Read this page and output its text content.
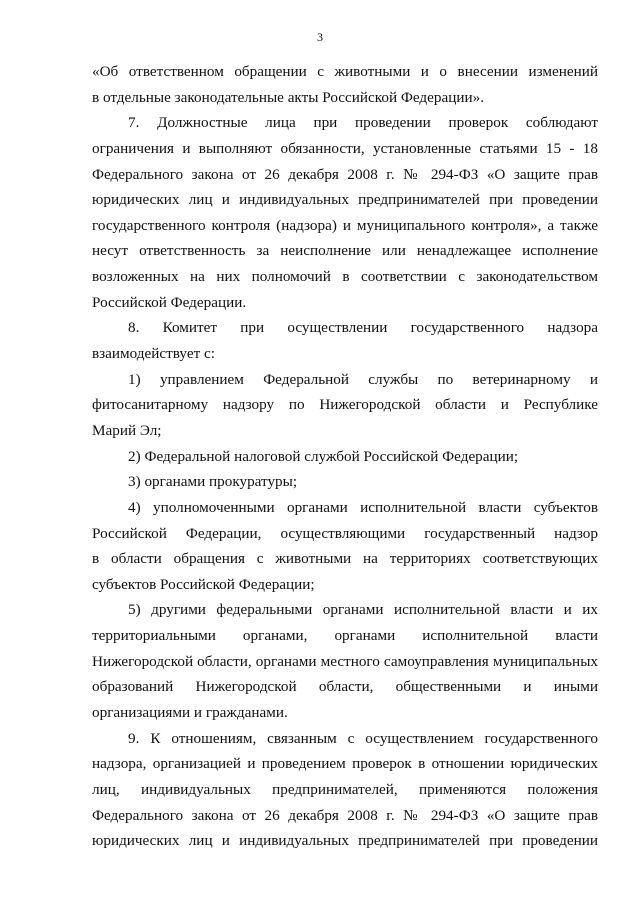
3
«Об ответственном обращении с животными и о внесении изменений
в отдельные законодательные акты Российской Федерации».
7. Должностные лица при проведении проверок соблюдают
ограничения и выполняют обязанности, установленные статьями 15 - 18
Федерального закона от 26 декабря 2008 г. № 294-ФЗ «О защите прав
юридических лиц и индивидуальных предпринимателей при проведении
государственного контроля (надзора) и муниципального контроля», а также
несут ответственность за неисполнение или ненадлежащее исполнение
возложенных на них полномочий в соответствии с законодательством
Российской Федерации.
8. Комитет при осуществлении государственного надзора
взаимодействует с:
1) управлением Федеральной службы по ветеринарному и
фитосанитарному надзору по Нижегородской области и Республике
Марий Эл;
2) Федеральной налоговой службой Российской Федерации;
3) органами прокуратуры;
4) уполномоченными органами исполнительной власти субъектов
Российской Федерации, осуществляющими государственный надзор
в области обращения с животными на территориях соответствующих
субъектов Российской Федерации;
5) другими федеральными органами исполнительной власти и их
территориальными органами, органами исполнительной власти
Нижегородской области, органами местного самоуправления муниципальных
образований Нижегородской области, общественными и иными
организациями и гражданами.
9. К отношениям, связанным с осуществлением государственного
надзора, организацией и проведением проверок в отношении юридических
лиц, индивидуальных предпринимателей, применяются положения
Федерального закона от 26 декабря 2008 г. № 294-ФЗ «О защите прав
юридических лиц и индивидуальных предпринимателей при проведении
